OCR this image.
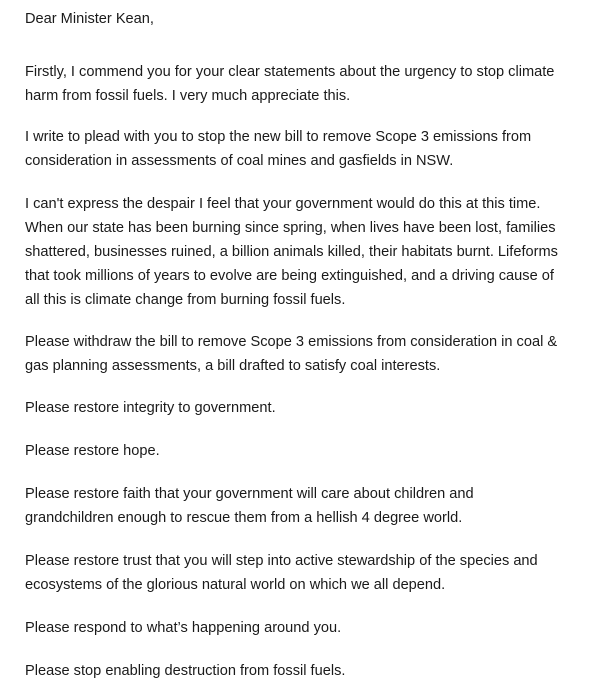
Dear Minister Kean,

Firstly, I commend you for your clear statements about the urgency to stop climate
harm from fossil fuels. I very much appreciate this.

I write to plead with you to stop the new bill to remove Scope 3 emissions from
consideration in assessments of coal mines and gasfields in NSW.

I can't express the despair I feel that your government would do this at this time.
When our state has been burning since spring, when lives have been lost, families
shattered, businesses ruined, a billion animals killed, their habitats burnt. Lifeforms
that took millions of years to evolve are being extinguished, and a driving cause of
all this is climate change from burning fossil fuels.

Please withdraw the bill to remove Scope 3 emissions from consideration in coal &
gas planning assessments, a bill drafted to satisfy coal interests.

Please restore integrity to government.

Please restore hope.

Please restore faith that your government will care about children and
grandchildren enough to rescue them from a hellish 4 degree world.

Please restore trust that you will step into active stewardship of the species and
ecosystems of the glorious natural world on which we all depend.

Please respond to what’s happening around you.

Please stop enabling destruction from fossil fuels.
